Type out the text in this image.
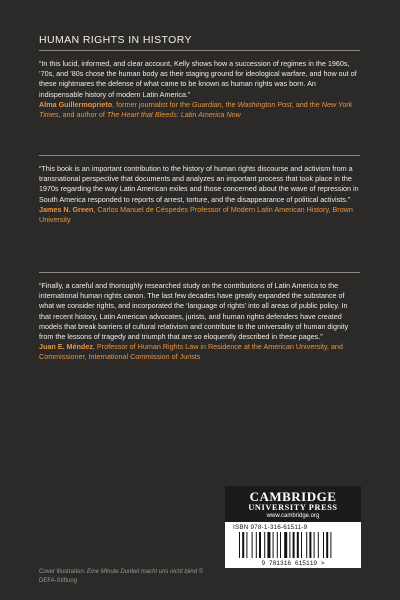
HUMAN RIGHTS IN HISTORY

“In this lucid, informed, and clear account, Kelly shows how a succession of regimes in the 1960s, ’70s, and ’80s chose the human body as their staging ground for ideological warfare, and how out of these nightmares the defense of what came to be known as human rights was born. An indispensable history of modern Latin America.”

Alma Guillermoprieto, former journalist for the Guardian, the Washington Post, and the New York Times, and author of The Heart that Bleeds: Latin America Now

“This book is an important contribution to the history of human rights discourse and activism from a transnational perspective that documents and analyzes an important process that took place in the 1970s regarding the way Latin American exiles and those concerned about the wave of repression in South America responded to reports of arrest, torture, and the disappearance of political activists.”

James N. Green, Carlos Manuel de Céspedes Professor of Modern Latin American History, Brown University

“Finally, a careful and thoroughly researched study on the contributions of Latin America to the international human rights canon. The last few decades have greatly expanded the substance of what we consider rights, and incorporated the ‘language of rights’ into all areas of public policy. In that recent history, Latin American advocates, jurists, and human rights defenders have created models that break barriers of cultural relativism and contribute to the universality of human dignity from the lessons of tragedy and triumph that are so eloquently described in these pages.”

Juan E. Méndez, Professor of Human Rights Law in Residence at the American University, and Commissioner, International Commission of Jurists

CAMBRIDGE
UNIVERSITY PRESS
www.cambridge.org
ISBN 978-1-316-61511-9
9 781316 615119 >
Cover illustration: Eine Minute Dunkel macht uns nicht blind © DEFA-Stiftung
